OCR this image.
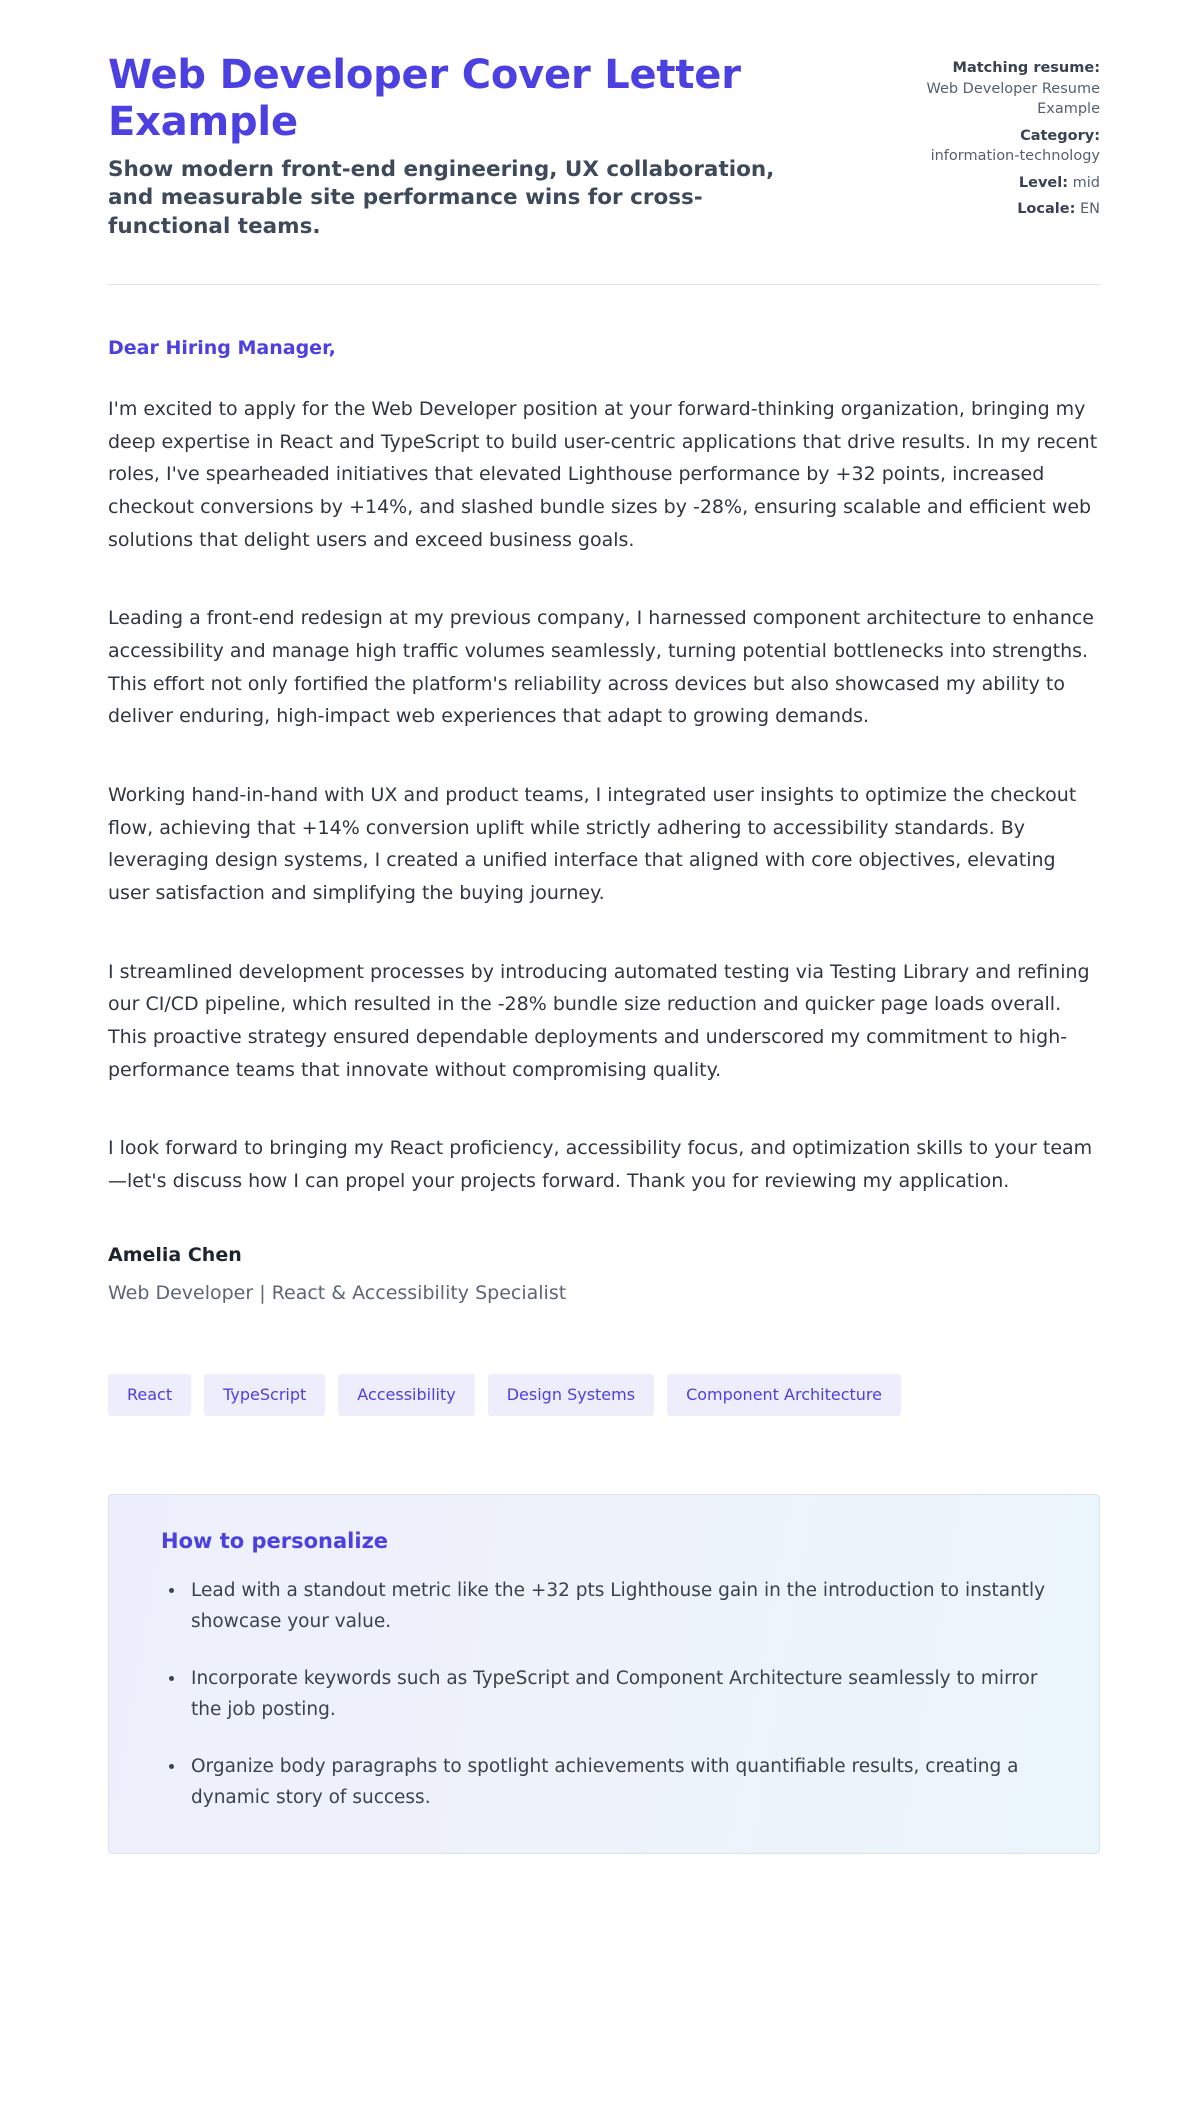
Web Developer Cover Letter Example

Show modern front-end engineering, UX collaboration, and measurable site performance wins for cross-functional teams.

Matching resume:
Web Developer Resume Example
Category:
information-technology
Level: mid
Locale: EN

Dear Hiring Manager,

I'm excited to apply for the Web Developer position at your forward-thinking organization, bringing my deep expertise in React and TypeScript to build user-centric applications that drive results. In my recent roles, I've spearheaded initiatives that elevated Lighthouse performance by +32 points, increased checkout conversions by +14%, and slashed bundle sizes by -28%, ensuring scalable and efficient web solutions that delight users and exceed business goals.

Leading a front-end redesign at my previous company, I harnessed component architecture to enhance accessibility and manage high traffic volumes seamlessly, turning potential bottlenecks into strengths. This effort not only fortified the platform's reliability across devices but also showcased my ability to deliver enduring, high-impact web experiences that adapt to growing demands.

Working hand-in-hand with UX and product teams, I integrated user insights to optimize the checkout flow, achieving that +14% conversion uplift while strictly adhering to accessibility standards. By leveraging design systems, I created a unified interface that aligned with core objectives, elevating user satisfaction and simplifying the buying journey.

I streamlined development processes by introducing automated testing via Testing Library and refining our CI/CD pipeline, which resulted in the -28% bundle size reduction and quicker page loads overall. This proactive strategy ensured dependable deployments and underscored my commitment to high-performance teams that innovate without compromising quality.

I look forward to bringing my React proficiency, accessibility focus, and optimization skills to your team—let's discuss how I can propel your projects forward. Thank you for reviewing my application.

Amelia Chen

Web Developer | React & Accessibility Specialist

React	TypeScript	Accessibility	Design Systems	Component Architecture
How to personalize
Lead with a standout metric like the +32 pts Lighthouse gain in the introduction to instantly showcase your value.
Incorporate keywords such as TypeScript and Component Architecture seamlessly to mirror the job posting.
Organize body paragraphs to spotlight achievements with quantifiable results, creating a dynamic story of success.
